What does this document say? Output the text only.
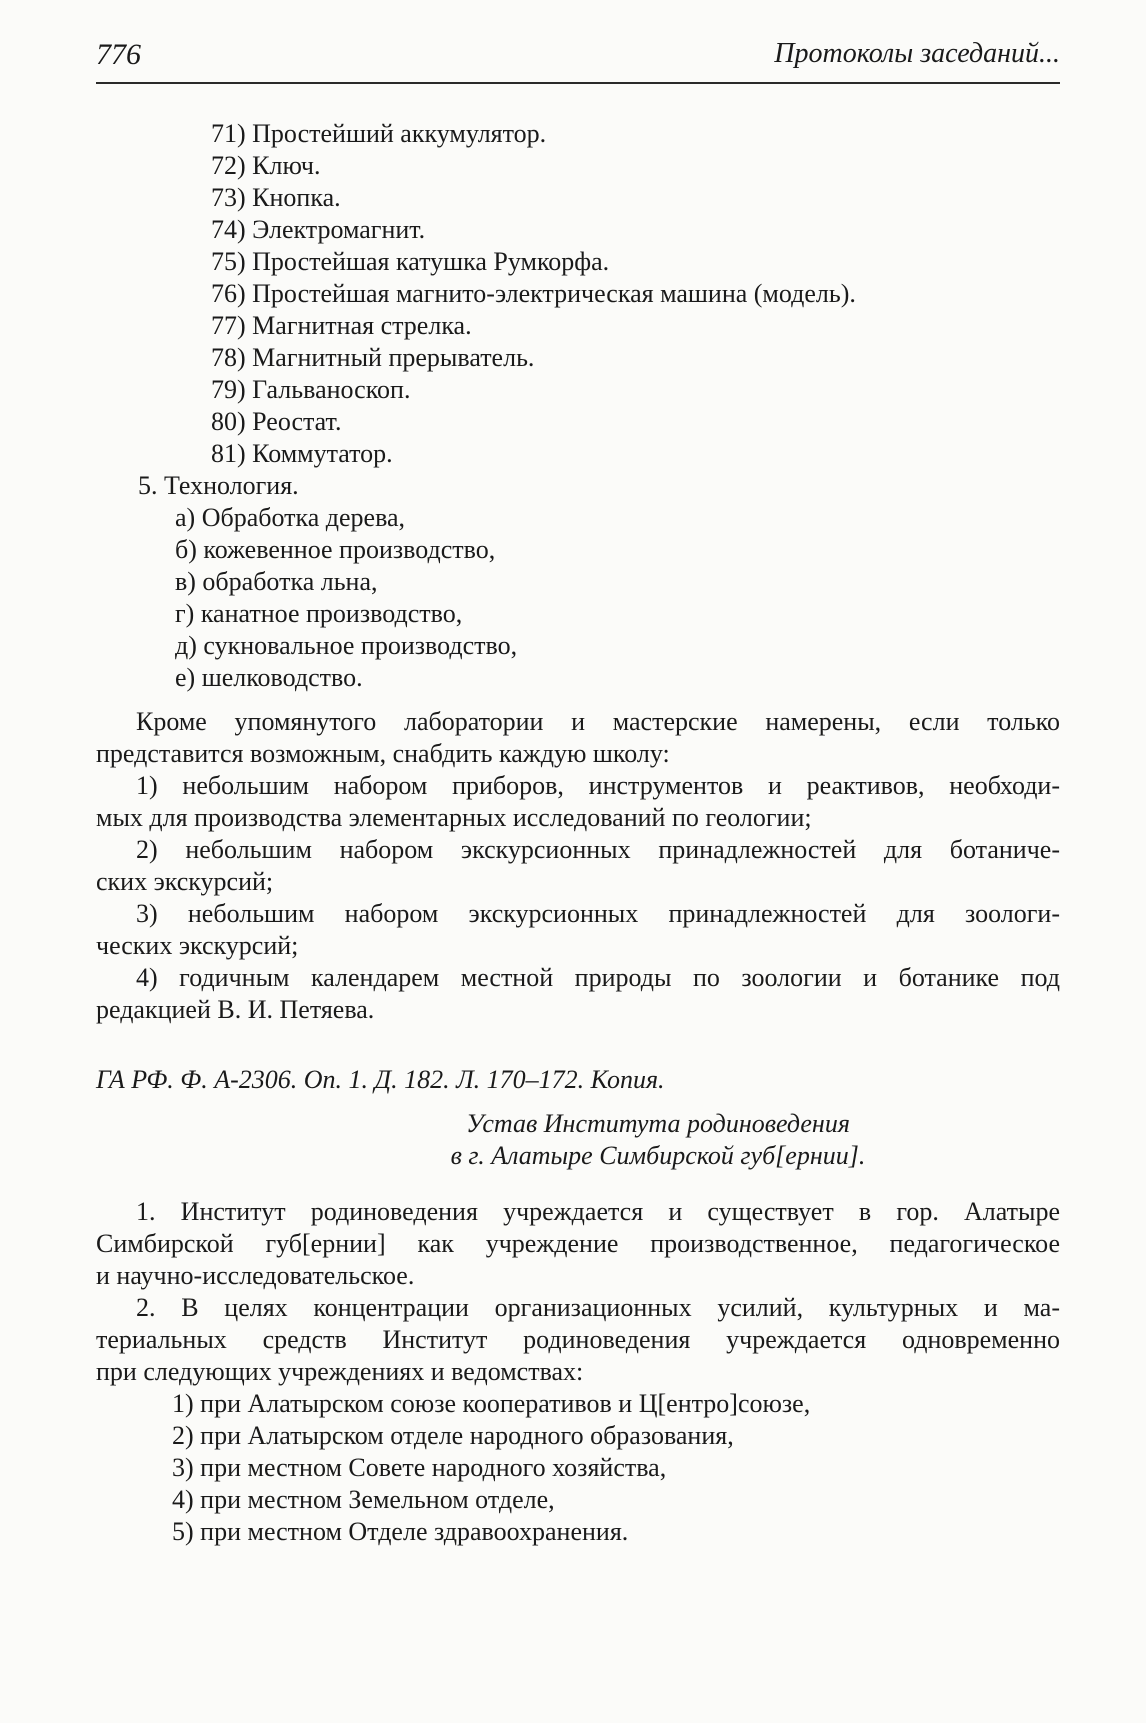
776	Протоколы заседаний...
71) Простейший аккумулятор.
72) Ключ.
73) Кнопка.
74) Электромагнит.
75) Простейшая катушка Румкорфа.
76) Простейшая магнито-электрическая машина (модель).
77) Магнитная стрелка.
78) Магнитный прерыватель.
79) Гальваноскоп.
80) Реостат.
81) Коммутатор.
5. Технология.
а) Обработка дерева,
б) кожевенное производство,
в) обработка льна,
г) канатное производство,
д) сукновальное производство,
е) шелководство.
Кроме упомянутого лаборатории и мастерские намерены, если только
представится возможным, снабдить каждую школу:
1) небольшим набором приборов, инструментов и реактивов, необходи-
мых для производства элементарных исследований по геологии;
2) небольшим набором экскурсионных принадлежностей для ботаниче-
ских экскурсий;
3) небольшим набором экскурсионных принадлежностей для зоологи-
ческих экскурсий;
4) годичным календарем местной природы по зоологии и ботанике под
редакцией В. И. Петяева.
ГА РФ. Ф. А-2306. Оп. 1. Д. 182. Л. 170–172. Копия.
Устав Института родиноведения
в г. Алатыре Симбирской губ[ернии].
1. Институт родиноведения учреждается и существует в гор. Алатыре
Симбирской губ[ернии] как учреждение производственное, педагогическое
и научно-исследовательское.
2. В целях концентрации организационных усилий, культурных и ма-
териальных средств Институт родиноведения учреждается одновременно
при следующих учреждениях и ведомствах:
1) при Алатырском союзе кооперативов и Ц[ентро]союзе,
2) при Алатырском отделе народного образования,
3) при местном Совете народного хозяйства,
4) при местном Земельном отделе,
5) при местном Отделе здравоохранения.
